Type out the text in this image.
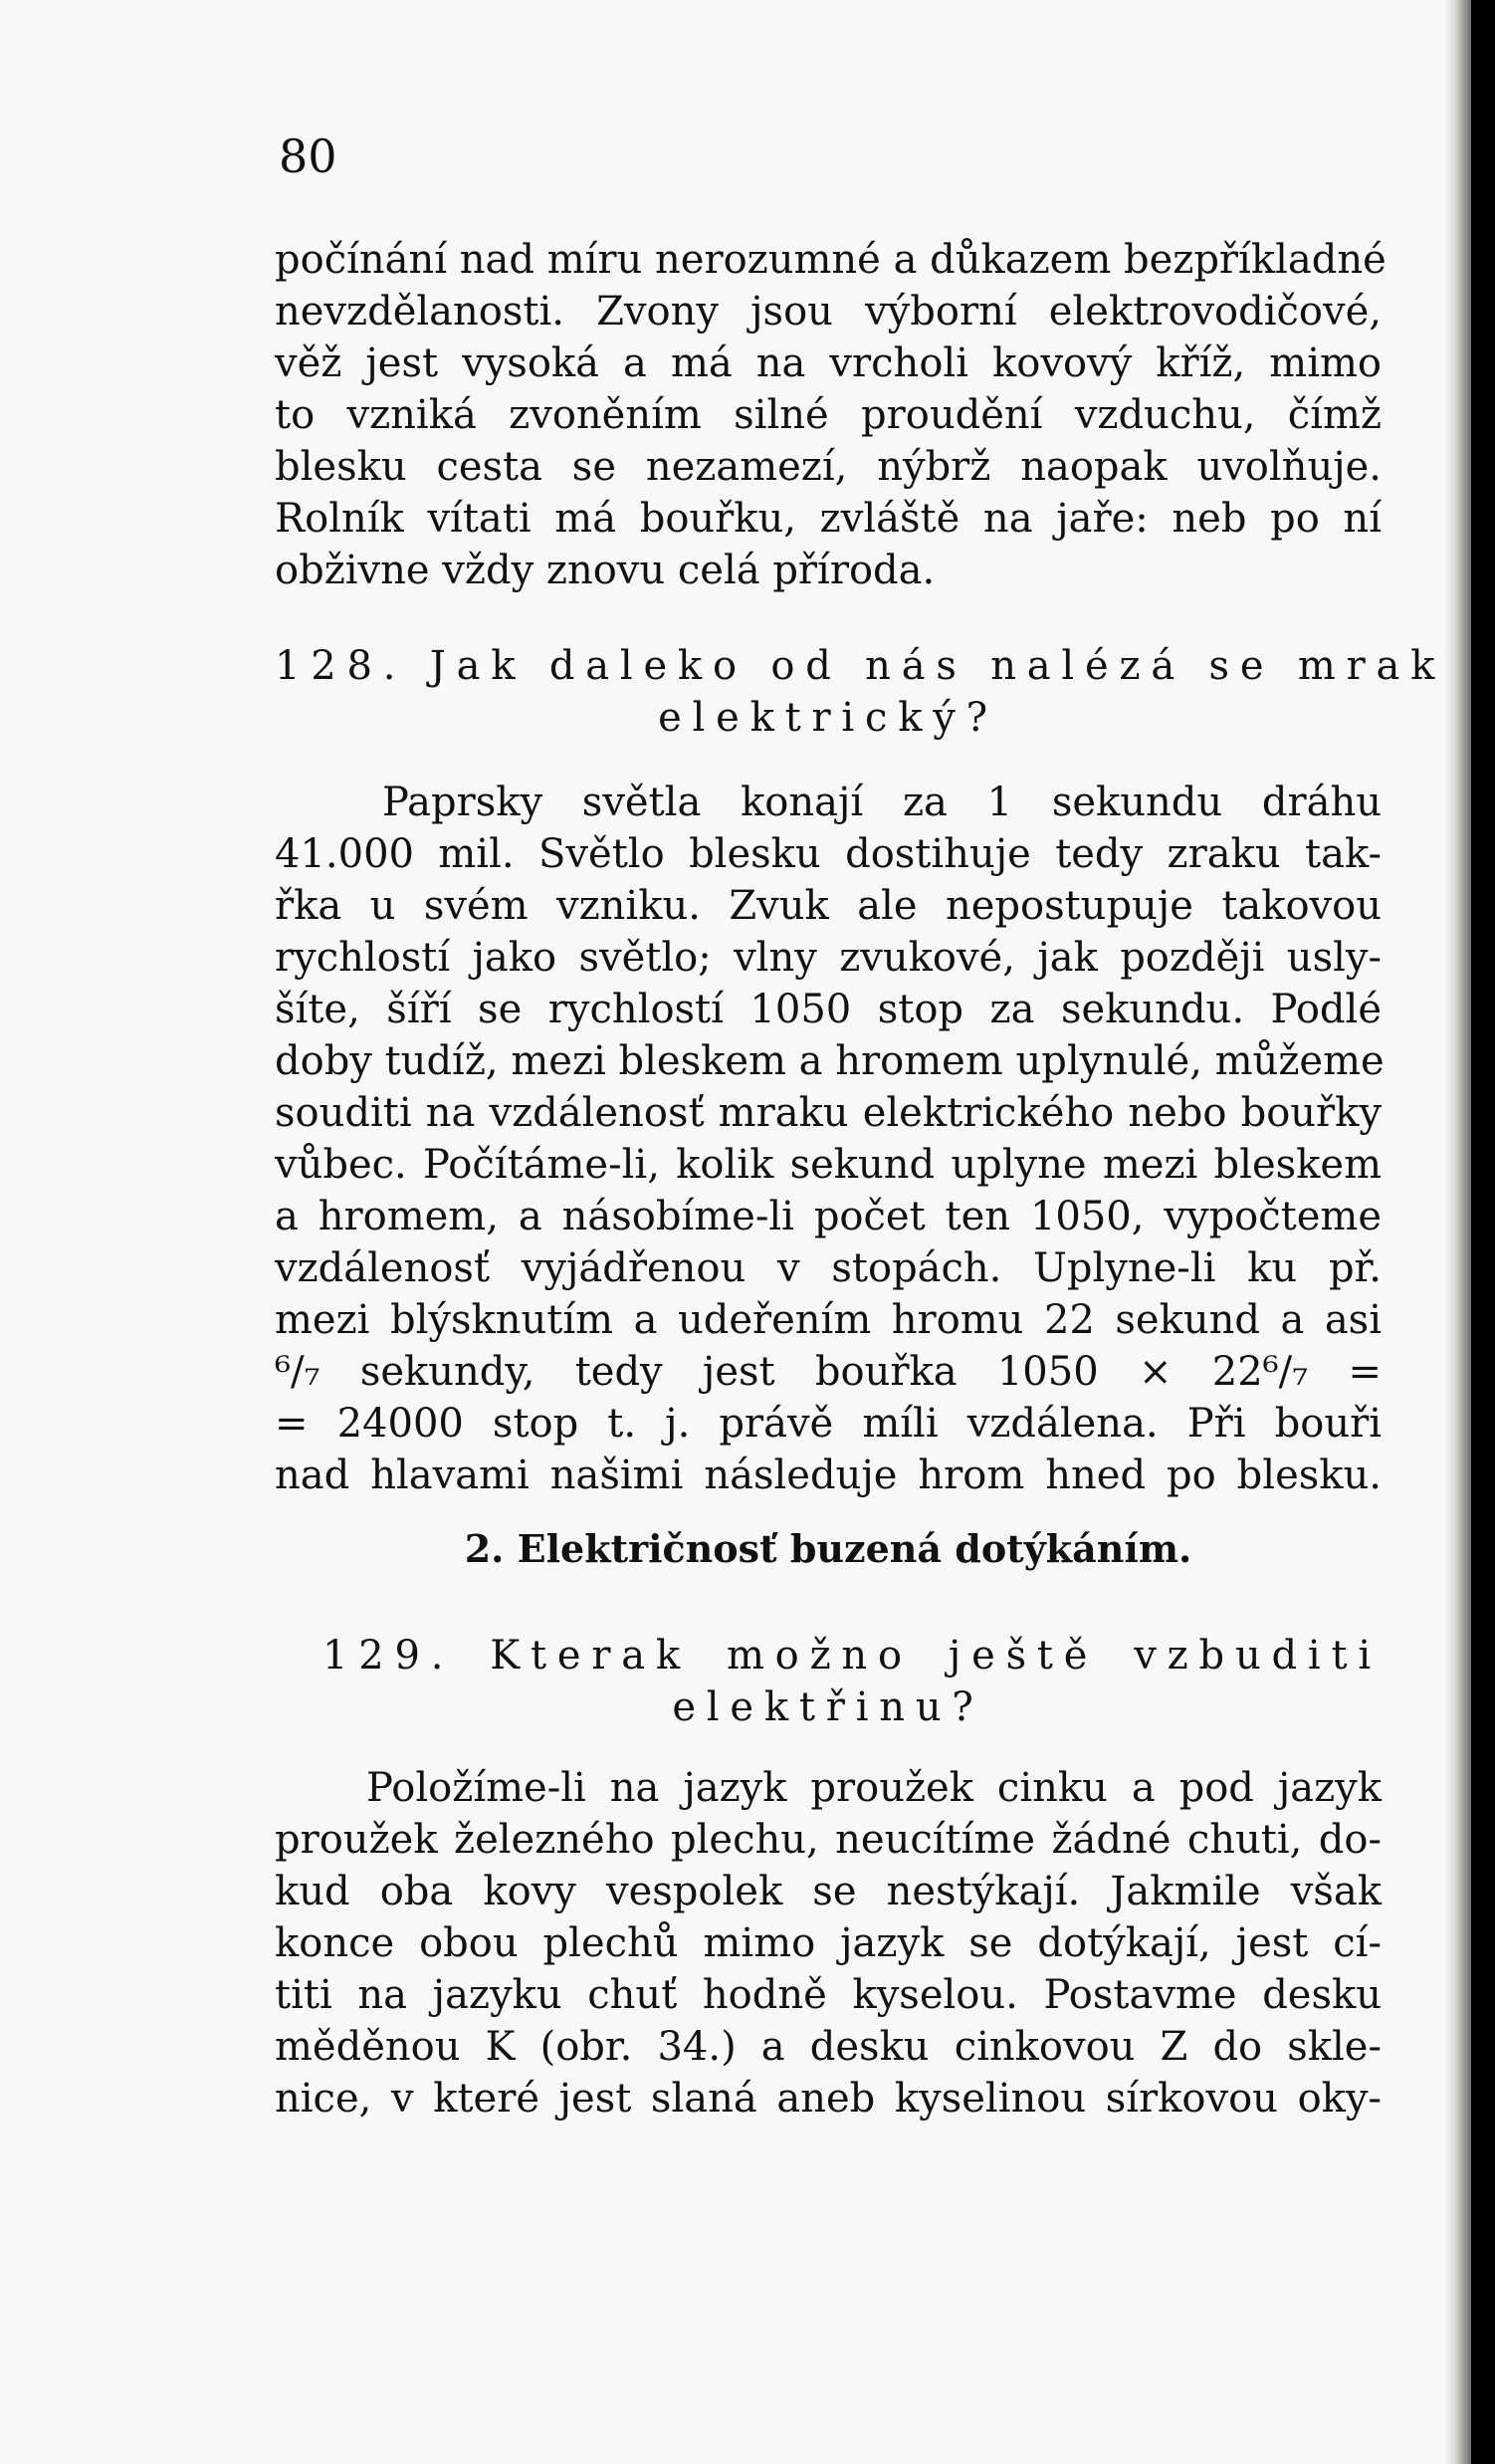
80

počínání nad míru nerozumné a důkazem bezpříkladné
nevzdělanosti. Zvony jsou výborní elektrovodičové,
věž jest vysoká a má na vrcholi kovový kříž, mimo
to vzniká zvoněním silné proudění vzduchu, čímž
blesku cesta se nezamezí, nýbrž naopak uvolňuje.
Rolník vítati má bouřku, zvláště na jaře: neb po ní
obživne vždy znovu celá příroda.

128. Jak daleko od nás nalézá se mrak
elektrický?

Paprsky světla konají za 1 sekundu dráhu
41.000 mil. Světlo blesku dostihuje tedy zraku tak-
řka u svém vzniku. Zvuk ale nepostupuje takovou
rychlostí jako světlo; vlny zvukové, jak později usly-
šíte, šíří se rychlostí 1050 stop za sekundu. Podlé
doby tudíž, mezi bleskem a hromem uplynulé, můžeme
souditi na vzdálenosť mraku elektrického nebo bouřky
vůbec. Počítáme-li, kolik sekund uplyne mezi bleskem
a hromem, a násobíme-li počet ten 1050, vypočteme
vzdálenosť vyjádřenou v stopách. Uplyne-li ku př.
mezi blýsknutím a udeřením hromu 22 sekund a asi
⁶/₇ sekundy, tedy jest bouřka 1050 × 22⁶/₇ =
= 24000 stop t. j. právě míli vzdálena. Při bouři
nad hlavami našimi následuje hrom hned po blesku.

2. Električnosť buzená dotýkáním.

129. Kterak možno ještě vzbuditi
elektřinu?

Položíme-li na jazyk proužek cinku a pod jazyk
proužek železného plechu, neucítíme žádné chuti, do-
kud oba kovy vespolek se nestýkají. Jakmile však
konce obou plechů mimo jazyk se dotýkají, jest cí-
titi na jazyku chuť hodně kyselou. Postavme desku
měděnou K (obr. 34.) a desku cinkovou Z do skle-
nice, v které jest slaná aneb kyselinou sírkovou oky-
